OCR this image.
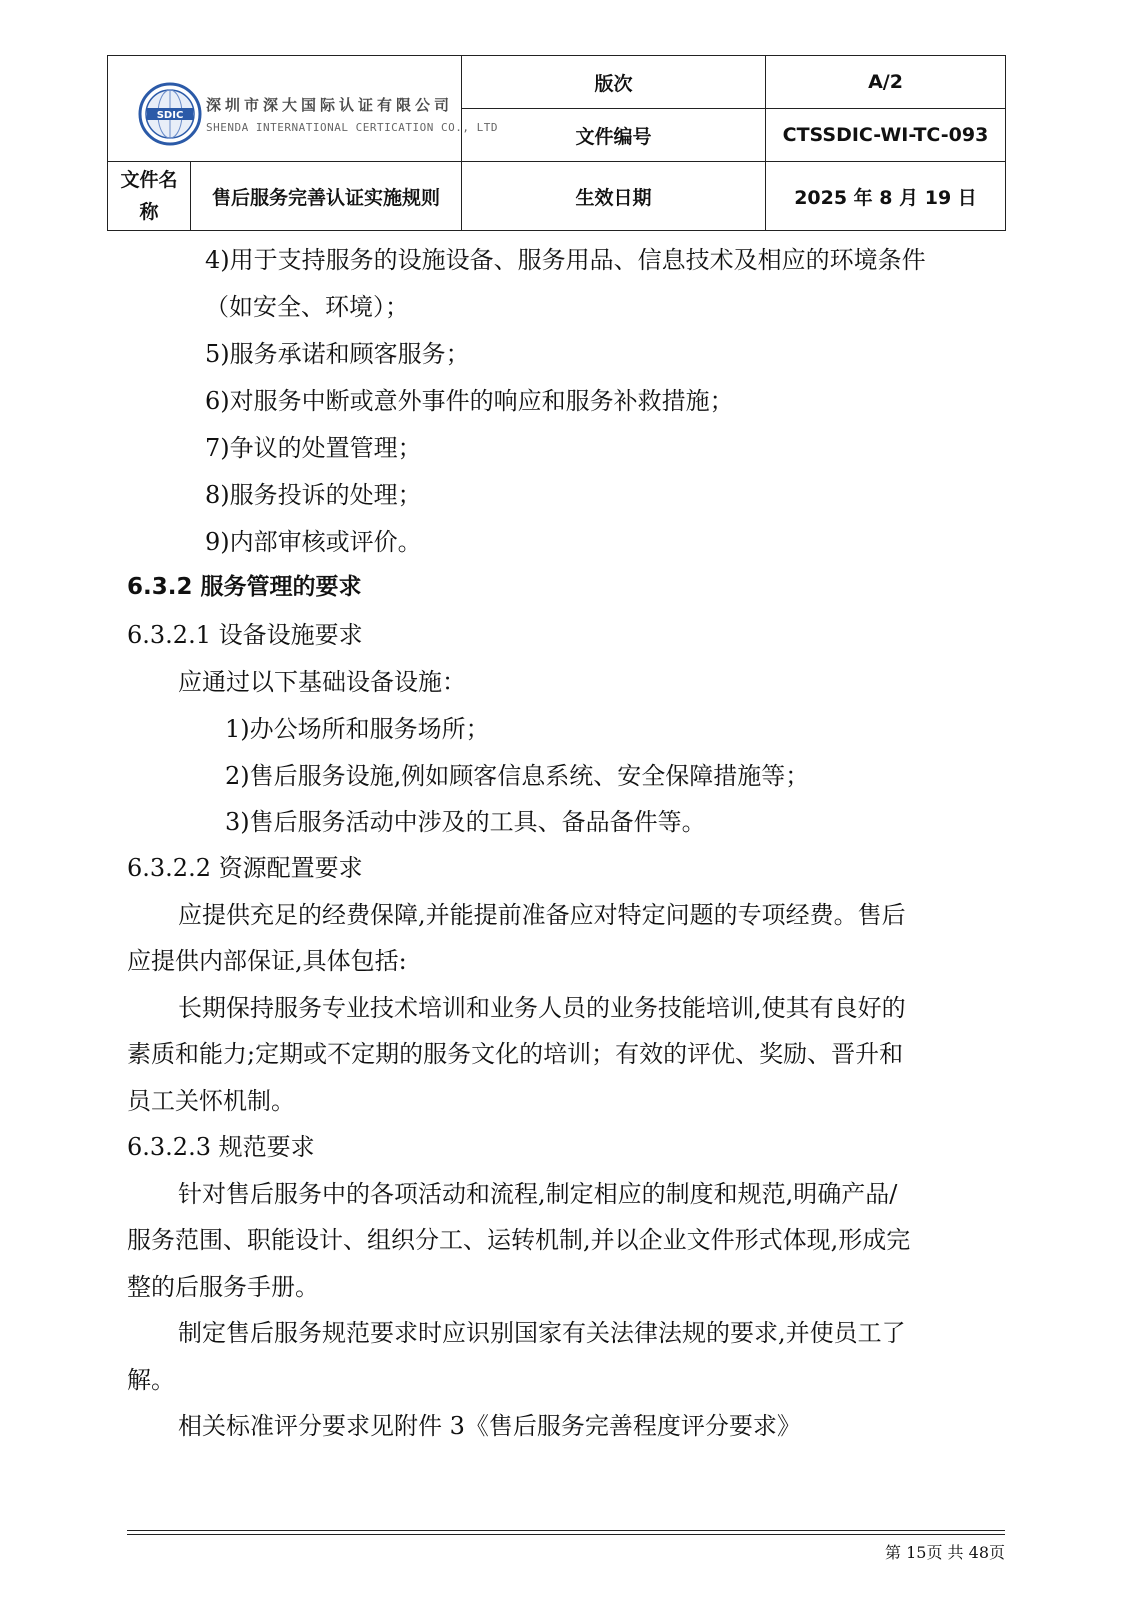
SDIC
深圳市深大国际认证有限公司
SHENDA INTERNATIONAL CERTICATION CO., LTD		版次	A/2
		文件编号	CTSSDIC-WI-TC-093

文件名
称	售后服务完善认证实施规则	生效日期	2025 年 8 月 19 日
4)用于支持服务的设施设备、服务用品、信息技术及相应的环境条件
（如安全、环境）；
5)服务承诺和顾客服务；
6)对服务中断或意外事件的响应和服务补救措施；
7)争议的处置管理；
8)服务投诉的处理；
9)内部审核或评价。
6.3.2 服务管理的要求
6.3.2.1 设备设施要求
应通过以下基础设备设施：
1)办公场所和服务场所；
2)售后服务设施,例如顾客信息系统、安全保障措施等；
3)售后服务活动中涉及的工具、备品备件等。
6.3.2.2 资源配置要求
应提供充足的经费保障,并能提前准备应对特定问题的专项经费。售后
应提供内部保证,具体包括:
长期保持服务专业技术培训和业务人员的业务技能培训,使其有良好的
素质和能力;定期或不定期的服务文化的培训；有效的评优、奖励、晋升和
员工关怀机制。
6.3.2.3 规范要求
针对售后服务中的各项活动和流程,制定相应的制度和规范,明确产品/
服务范围、职能设计、组织分工、运转机制,并以企业文件形式体现,形成完
整的后服务手册。
制定售后服务规范要求时应识别国家有关法律法规的要求,并使员工了
解。
相关标准评分要求见附件 3《售后服务完善程度评分要求》
第 15页 共 48页
